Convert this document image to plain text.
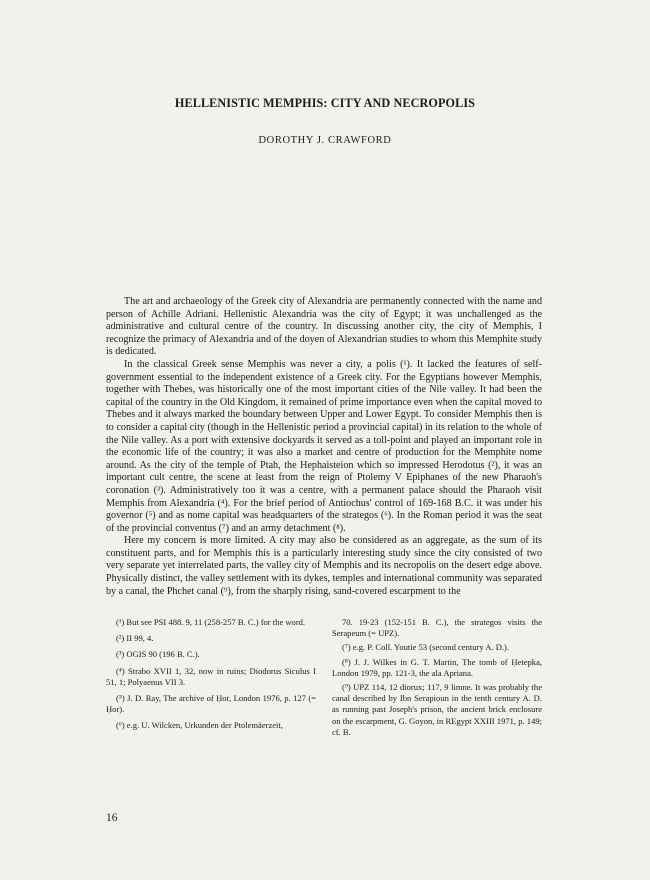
HELLENISTIC MEMPHIS: CITY AND NECROPOLIS
DOROTHY J. CRAWFORD

The art and archaeology of the Greek city of Alexandria are permanently connected with the name and person of Achille Adriani. Hellenistic Alexandria was the city of Egypt; it was unchallenged as the administrative and cultural centre of the country. In discussing another city, the city of Memphis, I recognize the primacy of Alexandria and of the doyen of Alexandrian studies to whom this Memphite study is dedicated.

In the classical Greek sense Memphis was never a city, a polis (¹). It lacked the features of self-government essential to the independent existence of a Greek city. For the Egyptians however Memphis, together with Thebes, was historically one of the most important cities of the Nile valley. It had been the capital of the country in the Old Kingdom, it remained of prime importance even when the capital moved to Thebes and it always marked the boundary between Upper and Lower Egypt. To consider Memphis then is to consider a capital city (though in the Hellenistic period a provincial capital) in its relation to the whole of the Nile valley. As a port with extensive dockyards it served as a toll-point and played an important role in the economic life of the country; it was also a market and centre of production for the Memphite nome around. As the city of the temple of Ptah, the Hephaisteion which so impressed Herodotus (²), it was an important cult centre, the scene at least from the reign of Ptolemy V Epiphanes of the new Pharaoh's coronation (³). Administratively too it was a centre, with a permanent palace should the Pharaoh visit Memphis from Alexandria (⁴). For the brief period of Antiochus' control of 169-168 B.C. it was under his governor (⁵) and as nome capital was headquarters of the strategos (⁶). In the Roman period it was the seat of the provincial conventus (⁷) and an army detachment (⁸).

Here my concern is more limited. A city may also be considered as an aggregate, as the sum of its constituent parts, and for Memphis this is a particularly interesting study since the city consisted of two very separate yet interrelated parts, the valley city of Memphis and its necropolis on the desert edge above. Physically distinct, the valley settlement with its dykes, temples and international community was separated by a canal, the Phchet canal (⁹), from the sharply rising, sand-covered escarpment to the

(¹) But see PSI 488. 9, 11 (258-257 B. C.) for the word.

(²) II 99, 4.

(³) OGIS 90 (196 B. C.).

(⁴) Strabo XVII 1, 32, now in ruins; Diodorus Siculus I 51, 1; Polyaenus VII 3.

(⁵) J. D. Ray, The archive of Ḥor, London 1976, p. 127 (= Ḥor).

(⁶) e.g. U. Wilcken, Urkunden der Ptolemäerzeit,

70. 19-23 (152-151 B. C.), the strategos visits the Serapeum (= UPZ).

(⁷) e.g. P. Coll. Youtie 53 (second century A. D.).

(⁸) J. J. Wilkes in G. T. Martin, The tomb of Ḥetepka, London 1979, pp. 121-3, the ala Apriana.

(⁹) UPZ 114, 12 diorux; 117, 9 limne. It was probably the canal described by Ibn Serapioun in the tenth century A. D. as running past Joseph's prison, the ancient brick enclosure on the escarpment, G. Goyon, in REgypt XXIII 1971, p. 149; cf. B.

16
